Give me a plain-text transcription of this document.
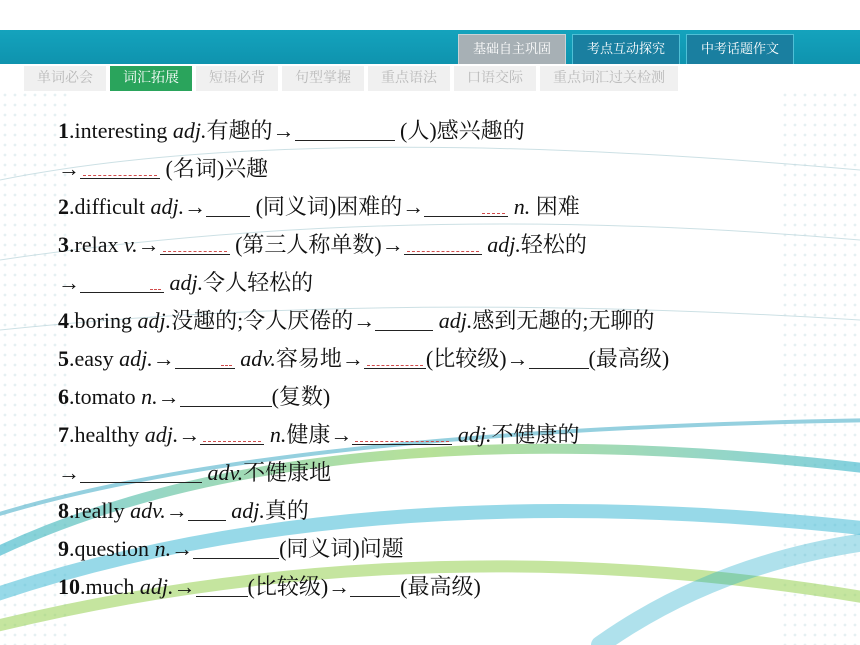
基础自主巩固	考点互动探究	中考话题作文
单词必会	词汇拓展	短语必背	句型掌握	重点语法	口语交际	重点词汇过关检测
1.interesting adj.有趣的→	(人)感兴趣的
→	(名词)兴趣
2.difficult adj.→ (同义词)困难的→	n. 困难
3.relax v.→	(第三人称单数)→	adj.轻松的
→	adj.令人轻松的
4.boring adj.没趣的;令人厌倦的→	adj.感到无趣的;无聊的
5.easy adj.→	adv.容易地→	(比较级)→	(最高级)
6.tomato n.→	(复数)
7.healthy adj.→	n.健康→	adj.不健康的
→	adv.不健康地
8.really adv.→ adj.真的
9.question n.→	(同义词)问题
10.much adj.→ (比较级)→ (最高级)
